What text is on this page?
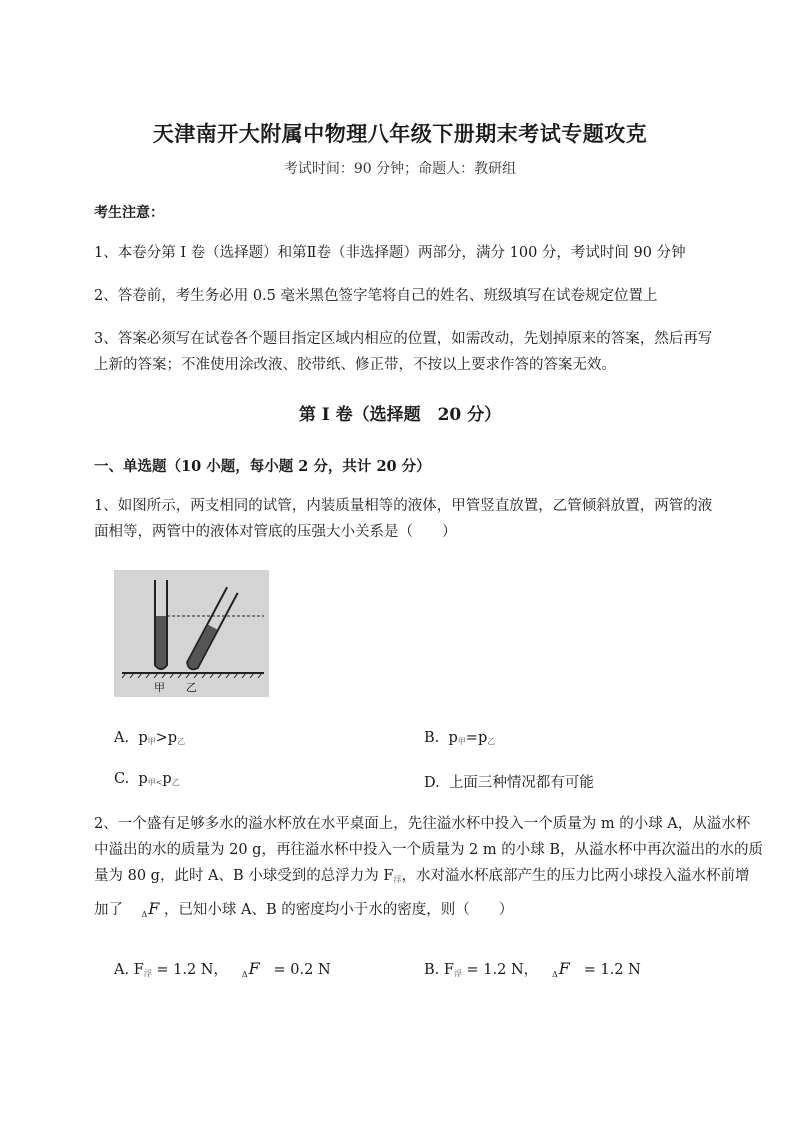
天津南开大附属中物理八年级下册期末考试专题攻克
考试时间：90 分钟；命题人：教研组
考生注意：
1、本卷分第 I 卷（选择题）和第Ⅱ卷（非选择题）两部分，满分 100 分，考试时间 90 分钟
2、答卷前，考生务必用 0.5 毫米黑色签字笔将自己的姓名、班级填写在试卷规定位置上
3、答案必须写在试卷各个题目指定区域内相应的位置，如需改动，先划掉原来的答案，然后再写上新的答案；不准使用涂改液、胶带纸、修正带，不按以上要求作答的答案无效。
第 I 卷（选择题　20 分）
一、单选题（10 小题，每小题 2 分，共计 20 分）
1、如图所示，两支相同的试管，内装质量相等的液体，甲管竖直放置，乙管倾斜放置，两管的液面相等，两管中的液体对管底的压强大小关系是（　　）
甲 乙
A. $p_甲>p_乙$	B. $p_甲=p_乙$
C. $p_{甲<}p_乙$	D. 上面三种情况都有可能
2、一个盛有足够多水的溢水杯放在水平桌面上，先往溢水杯中投入一个质量为 m 的小球 A，从溢水杯
中溢出的水的质量为 20 g，再往溢水杯中投入一个质量为 2 m 的小球 B，从溢水杯中再次溢出的水的质
量为 80 g，此时 A、B 小球受到的总浮力为 $F_浮$，水对溢水杯底部产生的压力比两小球投入溢水杯前增
加了 $_\Delta$F ，已知小球 A、B 的密度均小于水的密度，则（　　）
A. $F_浮 = 1.2$ N， $_\Delta$F = 0.2 N	B. $F_浮 = 1.2$ N， $_\Delta$F = 1.2 N
